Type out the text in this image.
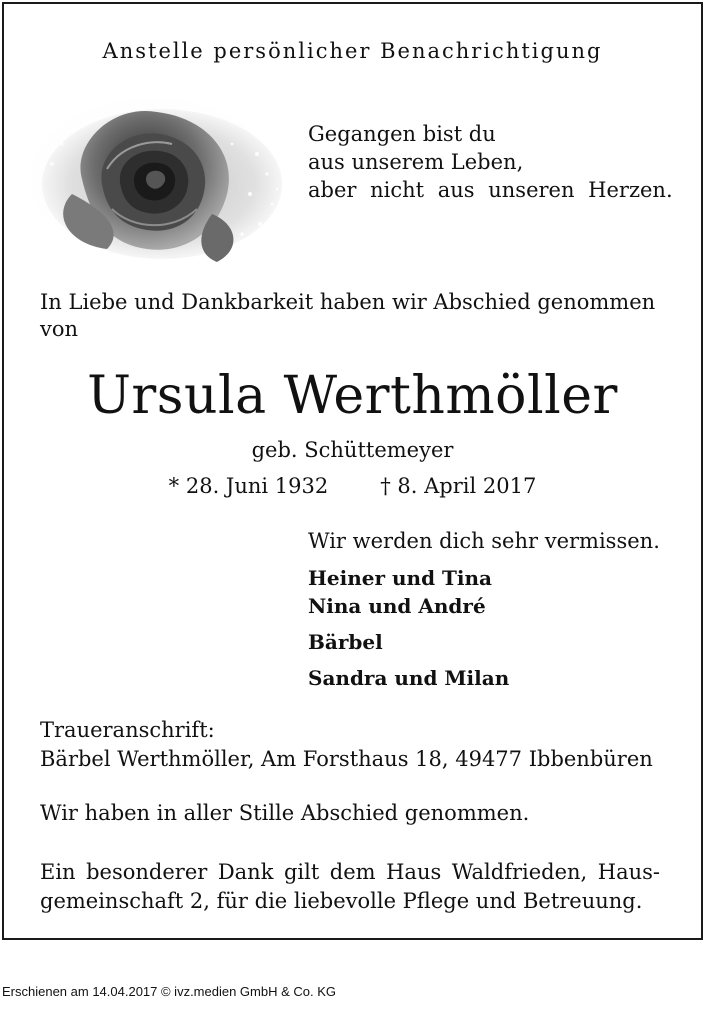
Anstelle persönlicher Benachrichtigung
Gegangen bist du
aus unserem Leben,
aber nicht aus unseren Herzen.
In Liebe und Dankbarkeit haben wir Abschied genommen von
Ursula Werthmöller
geb. Schüttemeyer
* 28. Juni 1932 † 8. April 2017
Wir werden dich sehr vermissen.
Heiner und Tina
Nina und André
Bärbel
Sandra und Milan
Traueranschrift:
Bärbel Werthmöller, Am Forsthaus 18, 49477 Ibbenbüren
Wir haben in aller Stille Abschied genommen.
Ein besonderer Dank gilt dem Haus Waldfrieden, Haus- gemeinschaft 2, für die liebevolle Pflege und Betreuung.
Erschienen am 14.04.2017 © ivz.medien GmbH & Co. KG
